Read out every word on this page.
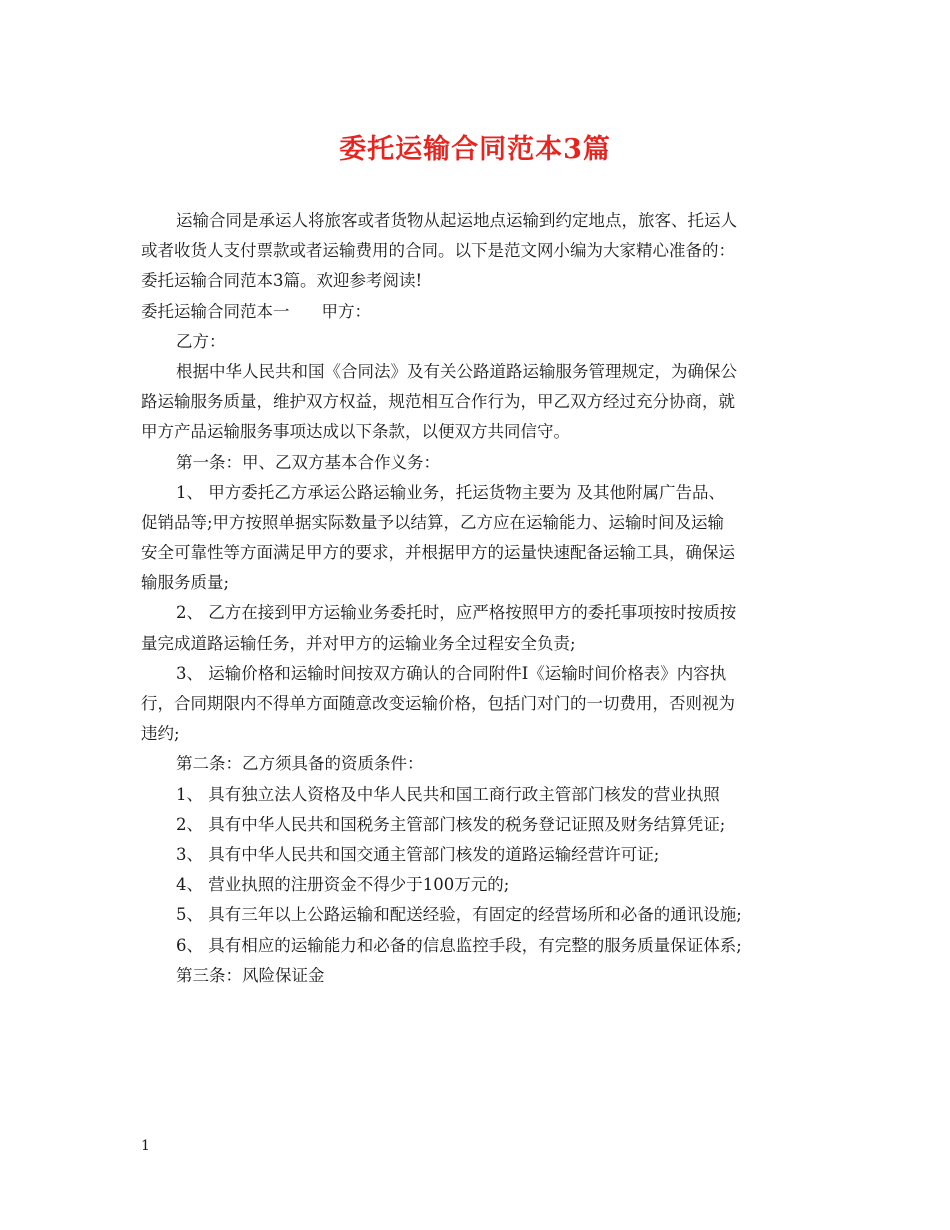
委托运输合同范本3篇
运输合同是承运人将旅客或者货物从起运地点运输到约定地点，旅客、托运人
或者收货人支付票款或者运输费用的合同。以下是范文网小编为大家精心准备的：
委托运输合同范本3篇。欢迎参考阅读!
委托运输合同范本一 甲方：
乙方：
根据中华人民共和国《合同法》及有关公路道路运输服务管理规定，为确保公
路运输服务质量，维护双方权益，规范相互合作行为，甲乙双方经过充分协商，就
甲方产品运输服务事项达成以下条款，以便双方共同信守。
第一条：甲、乙双方基本合作义务：
1、 甲方委托乙方承运公路运输业务，托运货物主要为 及其他附属广告品、
促销品等;甲方按照单据实际数量予以结算，乙方应在运输能力、运输时间及运输
安全可靠性等方面满足甲方的要求，并根据甲方的运量快速配备运输工具，确保运
输服务质量;
2、 乙方在接到甲方运输业务委托时，应严格按照甲方的委托事项按时按质按
量完成道路运输任务，并对甲方的运输业务全过程安全负责;
3、 运输价格和运输时间按双方确认的合同附件Ⅰ《运输时间价格表》内容执
行，合同期限内不得单方面随意改变运输价格，包括门对门的一切费用，否则视为
违约;
第二条：乙方须具备的资质条件：
1、 具有独立法人资格及中华人民共和国工商行政主管部门核发的营业执照
2、 具有中华人民共和国税务主管部门核发的税务登记证照及财务结算凭证;
3、 具有中华人民共和国交通主管部门核发的道路运输经营许可证;
4、 营业执照的注册资金不得少于100万元的;
5、 具有三年以上公路运输和配送经验，有固定的经营场所和必备的通讯设施;
6、 具有相应的运输能力和必备的信息监控手段，有完整的服务质量保证体系;
第三条：风险保证金
1
